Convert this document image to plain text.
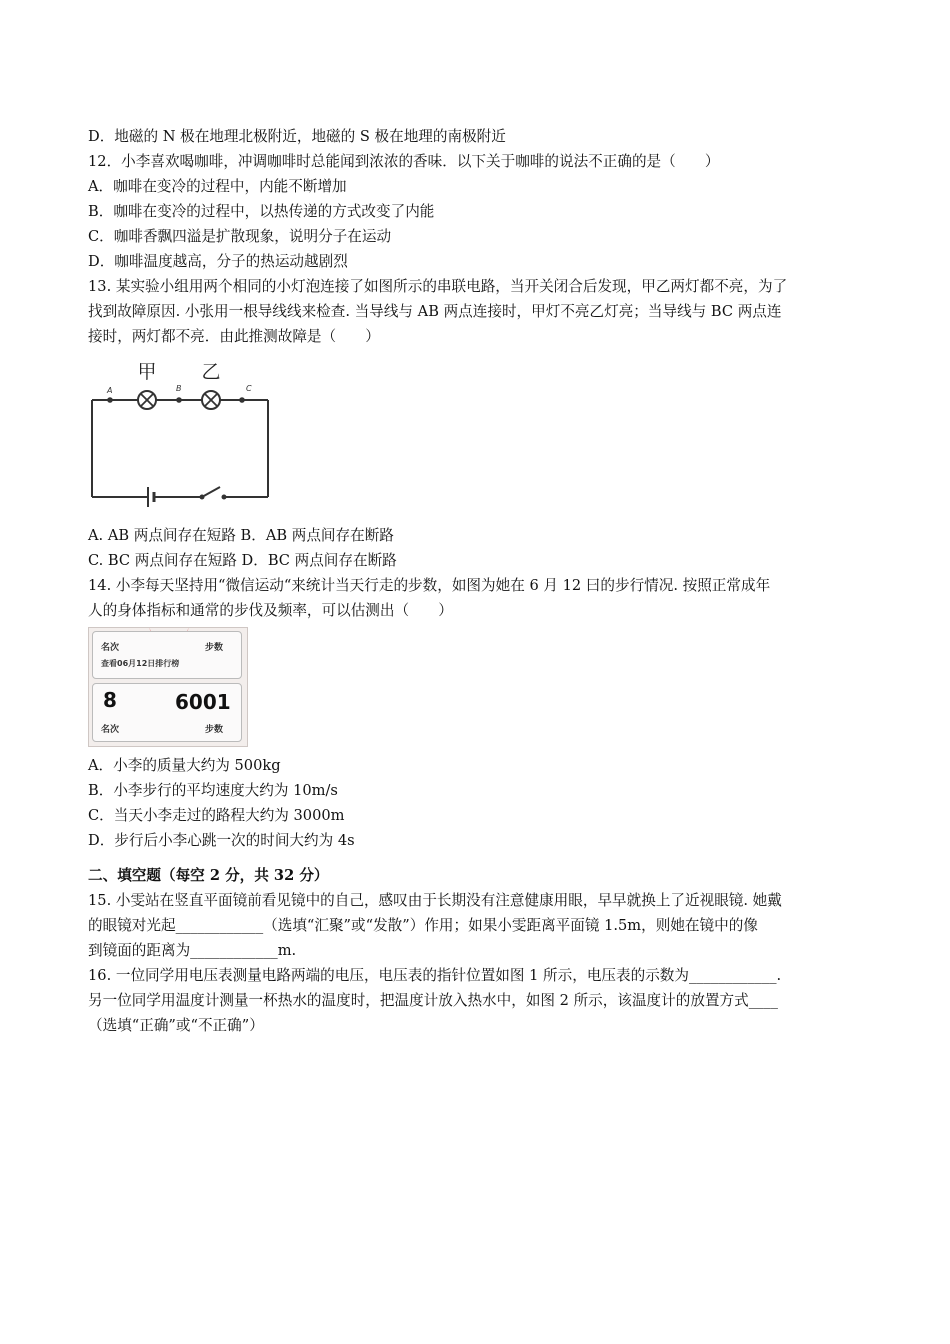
D．地磁的 N 极在地理北极附近，地磁的 S 极在地理的南极附近
12．小李喜欢喝咖啡，冲调咖啡时总能闻到浓浓的香味．以下关于咖啡的说法不正确的是（　　）
A．咖啡在变冷的过程中，内能不断增加
B．咖啡在变冷的过程中，以热传递的方式改变了内能
C．咖啡香飘四溢是扩散现象，说明分子在运动
D．咖啡温度越高，分子的热运动越剧烈
13. 某实验小组用两个相同的小灯泡连接了如图所示的串联电路，当开关闭合后发现，甲乙两灯都不亮，为了
找到故障原因. 小张用一根导线线来检查. 当导线与 AB 两点连接时，甲灯不亮乙灯亮；当导线与 BC 两点连
接时，两灯都不亮．由此推测故障是（　　）
甲 乙
A	B	C
A. AB 两点间存在短路 B．AB 两点间存在断路
C. BC 两点间存在短路 D．BC 两点间存在断路
14. 小李每天坚持用“微信运动“来统计当天行走的步数，如图为她在 6 月 12 曰的步行情况. 按照正常成年
人的身体指标和通常的步伐及频率，可以估测出（　　）
名次	步数
查看06月12日排行榜
8	6001
名次	步数
A．小李的质量大约为 500kg
B．小李步行的平均速度大约为 10m/s
C．当天小李走过的路程大约为 3000m
D．步行后小李心跳一次的时间大约为 4s
二、填空题（每空 2 分，共 32 分）
15. 小雯站在竖直平面镜前看见镜中的自己，感叹由于长期没有注意健康用眼，早早就换上了近视眼镜. 她戴
的眼镜对光起____________（选填“汇聚”或“发散”）作用；如果小雯距离平面镜 1.5m，则她在镜中的像
到镜面的距离为____________m.
16. 一位同学用电压表测量电路两端的电压，电压表的指针位置如图 1 所示，电压表的示数为____________.
另一位同学用温度计测量一杯热水的温度时，把温度计放入热水中，如图 2 所示，该温度计的放置方式____
（选填“正确”或“不正确”）
